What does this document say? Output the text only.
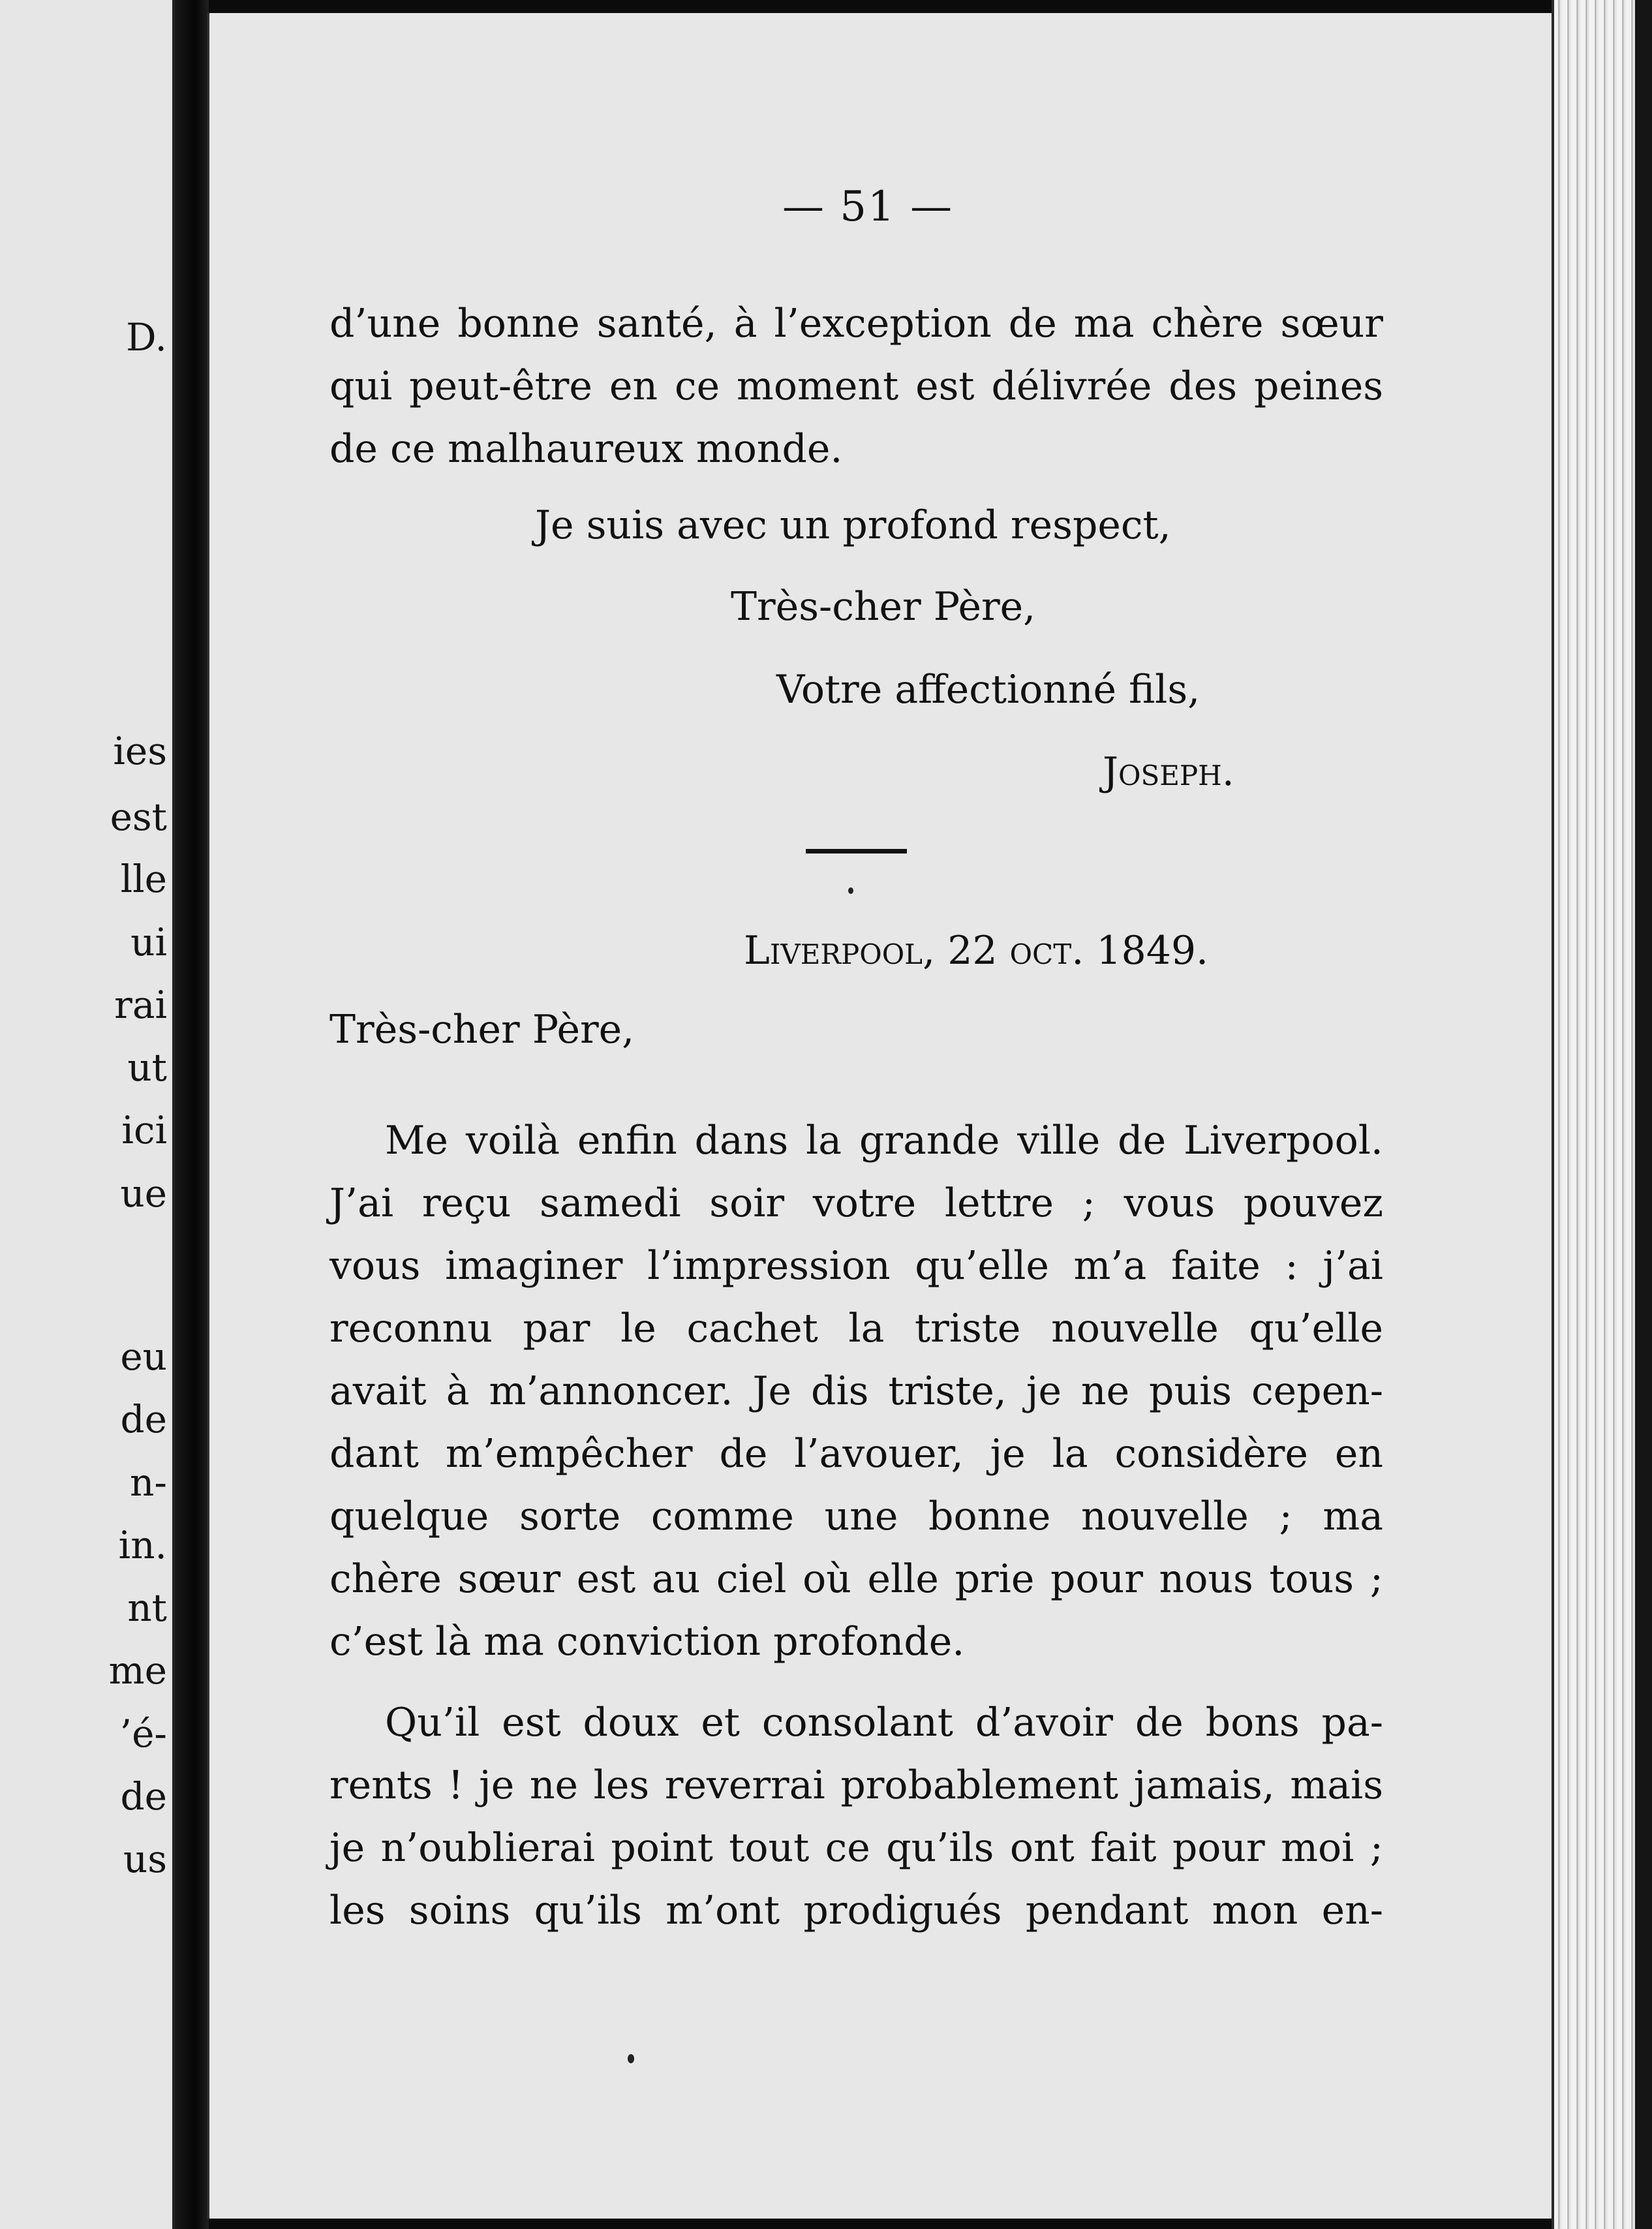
D.
ies
est
lle
ui
rai
ut
ici
ue
eu
de
n-
in.
nt
me
’é-
de
us
— 51 —
d’une bonne santé, à l’exception de ma chère sœur
qui peut-être en ce moment est délivrée des peines
de ce malhaureux monde.
Je suis avec un profond respect,
Très-cher Père,
Votre affectionné fils,
Joseph.
Liverpool, 22 oct. 1849.
Très-cher Père,
Me voilà enfin dans la grande ville de Liverpool.
J’ai reçu samedi soir votre lettre ; vous pouvez
vous imaginer l’impression qu’elle m’a faite : j’ai
reconnu par le cachet la triste nouvelle qu’elle
avait à m’annoncer. Je dis triste, je ne puis cepen-
dant m’empêcher de l’avouer, je la considère en
quelque sorte comme une bonne nouvelle ; ma
chère sœur est au ciel où elle prie pour nous tous ;
c’est là ma conviction profonde.
Qu’il est doux et consolant d’avoir de bons pa-
rents ! je ne les reverrai probablement jamais, mais
je n’oublierai point tout ce qu’ils ont fait pour moi ;
les soins qu’ils m’ont prodigués pendant mon en-
